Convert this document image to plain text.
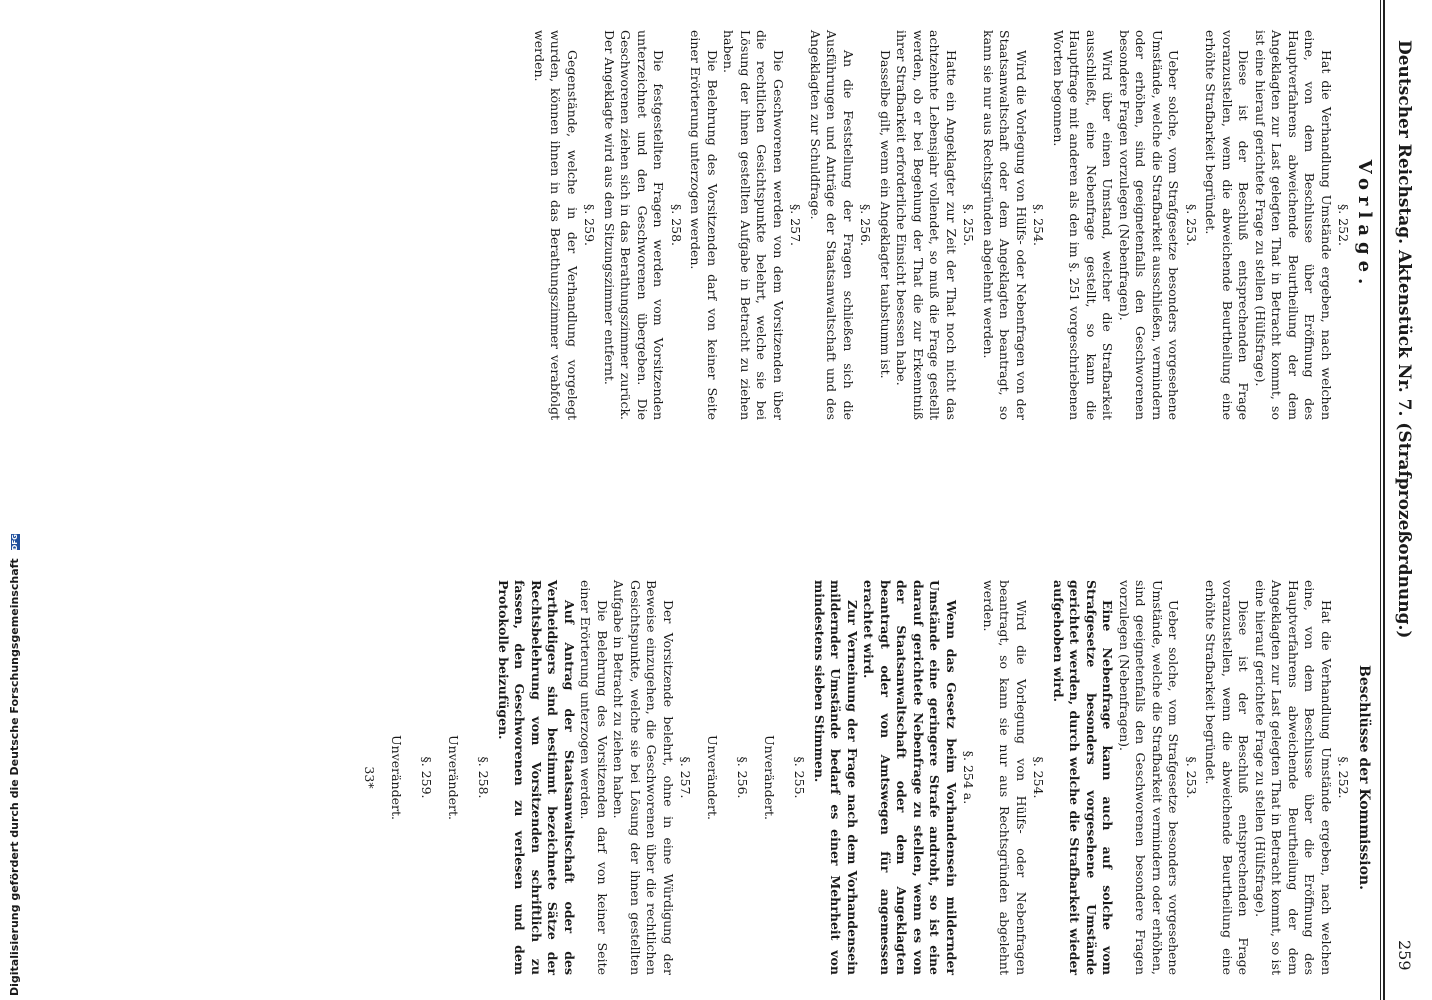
Deutscher Reichstag. Aktenstück Nr. 7. (Strafprozeßordnung.)
259
Vorlage.
§. 252.

Hat die Verhandlung Umstände ergeben, nach welchen eine, von dem Beschlusse über Eröffnung des Hauptverfahrens abweichende Beurtheilung der dem Angeklagten zur Last gelegten That in Betracht kommt, so ist eine hierauf gerichtete Frage zu stellen (Hülfsfrage).

Diese ist der Beschluß entsprechenden Frage voranzustellen, wenn die abweichende Beurtheilung eine erhöhte Strafbarkeit begründet.

§. 253.

Ueber solche, vom Strafgesetze besonders vorgesehene Umstände, welche die Strafbarkeit ausschließen, vermindern oder erhöhen, sind geeignetenfalls den Geschworenen besondere Fragen vorzulegen (Nebenfragen).

Wird über einen Umstand, welcher die Strafbarkeit ausschließt, eine Nebenfrage gestellt, so kann die Hauptfrage mit anderen als den im §. 251 vorgeschriebenen Worten begonnen.

§. 254.

Wird die Vorlegung von Hülfs- oder Nebenfragen von der Staatsanwaltschaft oder dem Angeklagten beantragt, so kann sie nur aus Rechtsgründen abgelehnt werden.

§. 255.

Hatte ein Angeklagter zur Zeit der That noch nicht das achtzehnte Lebensjahr vollendet, so muß die Frage gestellt werden, ob er bei Begehung der That die zur Erkenntniß ihrer Strafbarkeit erforderliche Einsicht besessen habe.

Dasselbe gilt, wenn ein Angeklagter taubstumm ist.

§. 256.

An die Feststellung der Fragen schließen sich die Ausführungen und Anträge der Staatsanwaltschaft und des Angeklagten zur Schuldfrage.

§. 257.

Die Geschworenen werden von dem Vorsitzenden über die rechtlichen Gesichtspunkte belehrt, welche sie bei Lösung der ihnen gestellten Aufgabe in Betracht zu ziehen haben.

Die Belehrung des Vorsitzenden darf von keiner Seite einer Erörterung unterzogen werden.

§. 258.

Die festgestellten Fragen werden vom Vorsitzenden unterzeichnet und den Geschworenen übergeben. Die Geschworenen ziehen sich in das Berathungszimmer zurück. Der Angeklagte wird aus dem Sitzungszimmer entfernt.

§. 259.

Gegenstände, welche in der Verhandlung vorgelegt wurden, können ihnen in das Berathungszimmer verabfolgt werden.

Beschlüsse der Kommission.
§. 252.

Hat die Verhandlung Umstände ergeben, nach welchen eine, von dem Beschlusse über die Eröffnung des Hauptverfahrens abweichende Beurtheilung der dem Angeklagten zur Last gelegten That in Betracht kommt, so ist eine hierauf gerichtete Frage zu stellen (Hülfsfrage).

Diese ist der Beschluß entsprechenden Frage voranzustellen, wenn die abweichende Beurtheilung eine erhöhte Strafbarkeit begründet.

§. 253.

Ueber solche, vom Strafgesetze besonders vorgesehene Umstände, welche die Strafbarkeit vermindern oder erhöhen, sind geeignetenfalls den Geschworenen besondere Fragen vorzulegen (Nebenfragen).

Eine Nebenfrage kann auch auf solche vom Strafgesetze besonders vorgesehene Umstände gerichtet werden, durch welche die Strafbarkeit wieder aufgehoben wird.

§. 254.

Wird die Vorlegung von Hülfs- oder Nebenfragen beantragt, so kann sie nur aus Rechtsgründen abgelehnt werden.

§. 254 a.

Wenn das Gesetz beim Vorhandensein mildernder Umstände eine geringere Strafe androht, so ist eine darauf gerichtete Nebenfrage zu stellen, wenn es von der Staatsanwaltschaft oder dem Angeklagten beantragt oder von Amtswegen für angemessen erachtet wird.

Zur Verneinung der Frage nach dem Vorhandensein mildernder Umstände bedarf es einer Mehrheit von mindestens sieben Stimmen.

§. 255.
Unverändert.
§. 256.
Unverändert.
§. 257.

Der Vorsitzende belehrt, ohne in eine Würdigung der Beweise einzugehen, die Geschworenen über die rechtlichen Gesichtspunkte, welche sie bei Lösung der ihnen gestellten Aufgabe in Betracht zu ziehen haben.

Die Belehrung des Vorsitzenden darf von keiner Seite einer Erörterung unterzogen werden.

Auf Antrag der Staatsanwaltschaft oder des Vertheidigers sind bestimmt bezeichnete Sätze der Rechtsbelehrung vom Vorsitzenden schriftlich zu fassen, den Geschworenen zu verlesen und dem Protokolle beizufügen.

§. 258.
Unverändert.
§. 259.
Unverändert.
33*
Digitalisierung gefördert durch die Deutsche Forschungsgemeinschaft DFG
